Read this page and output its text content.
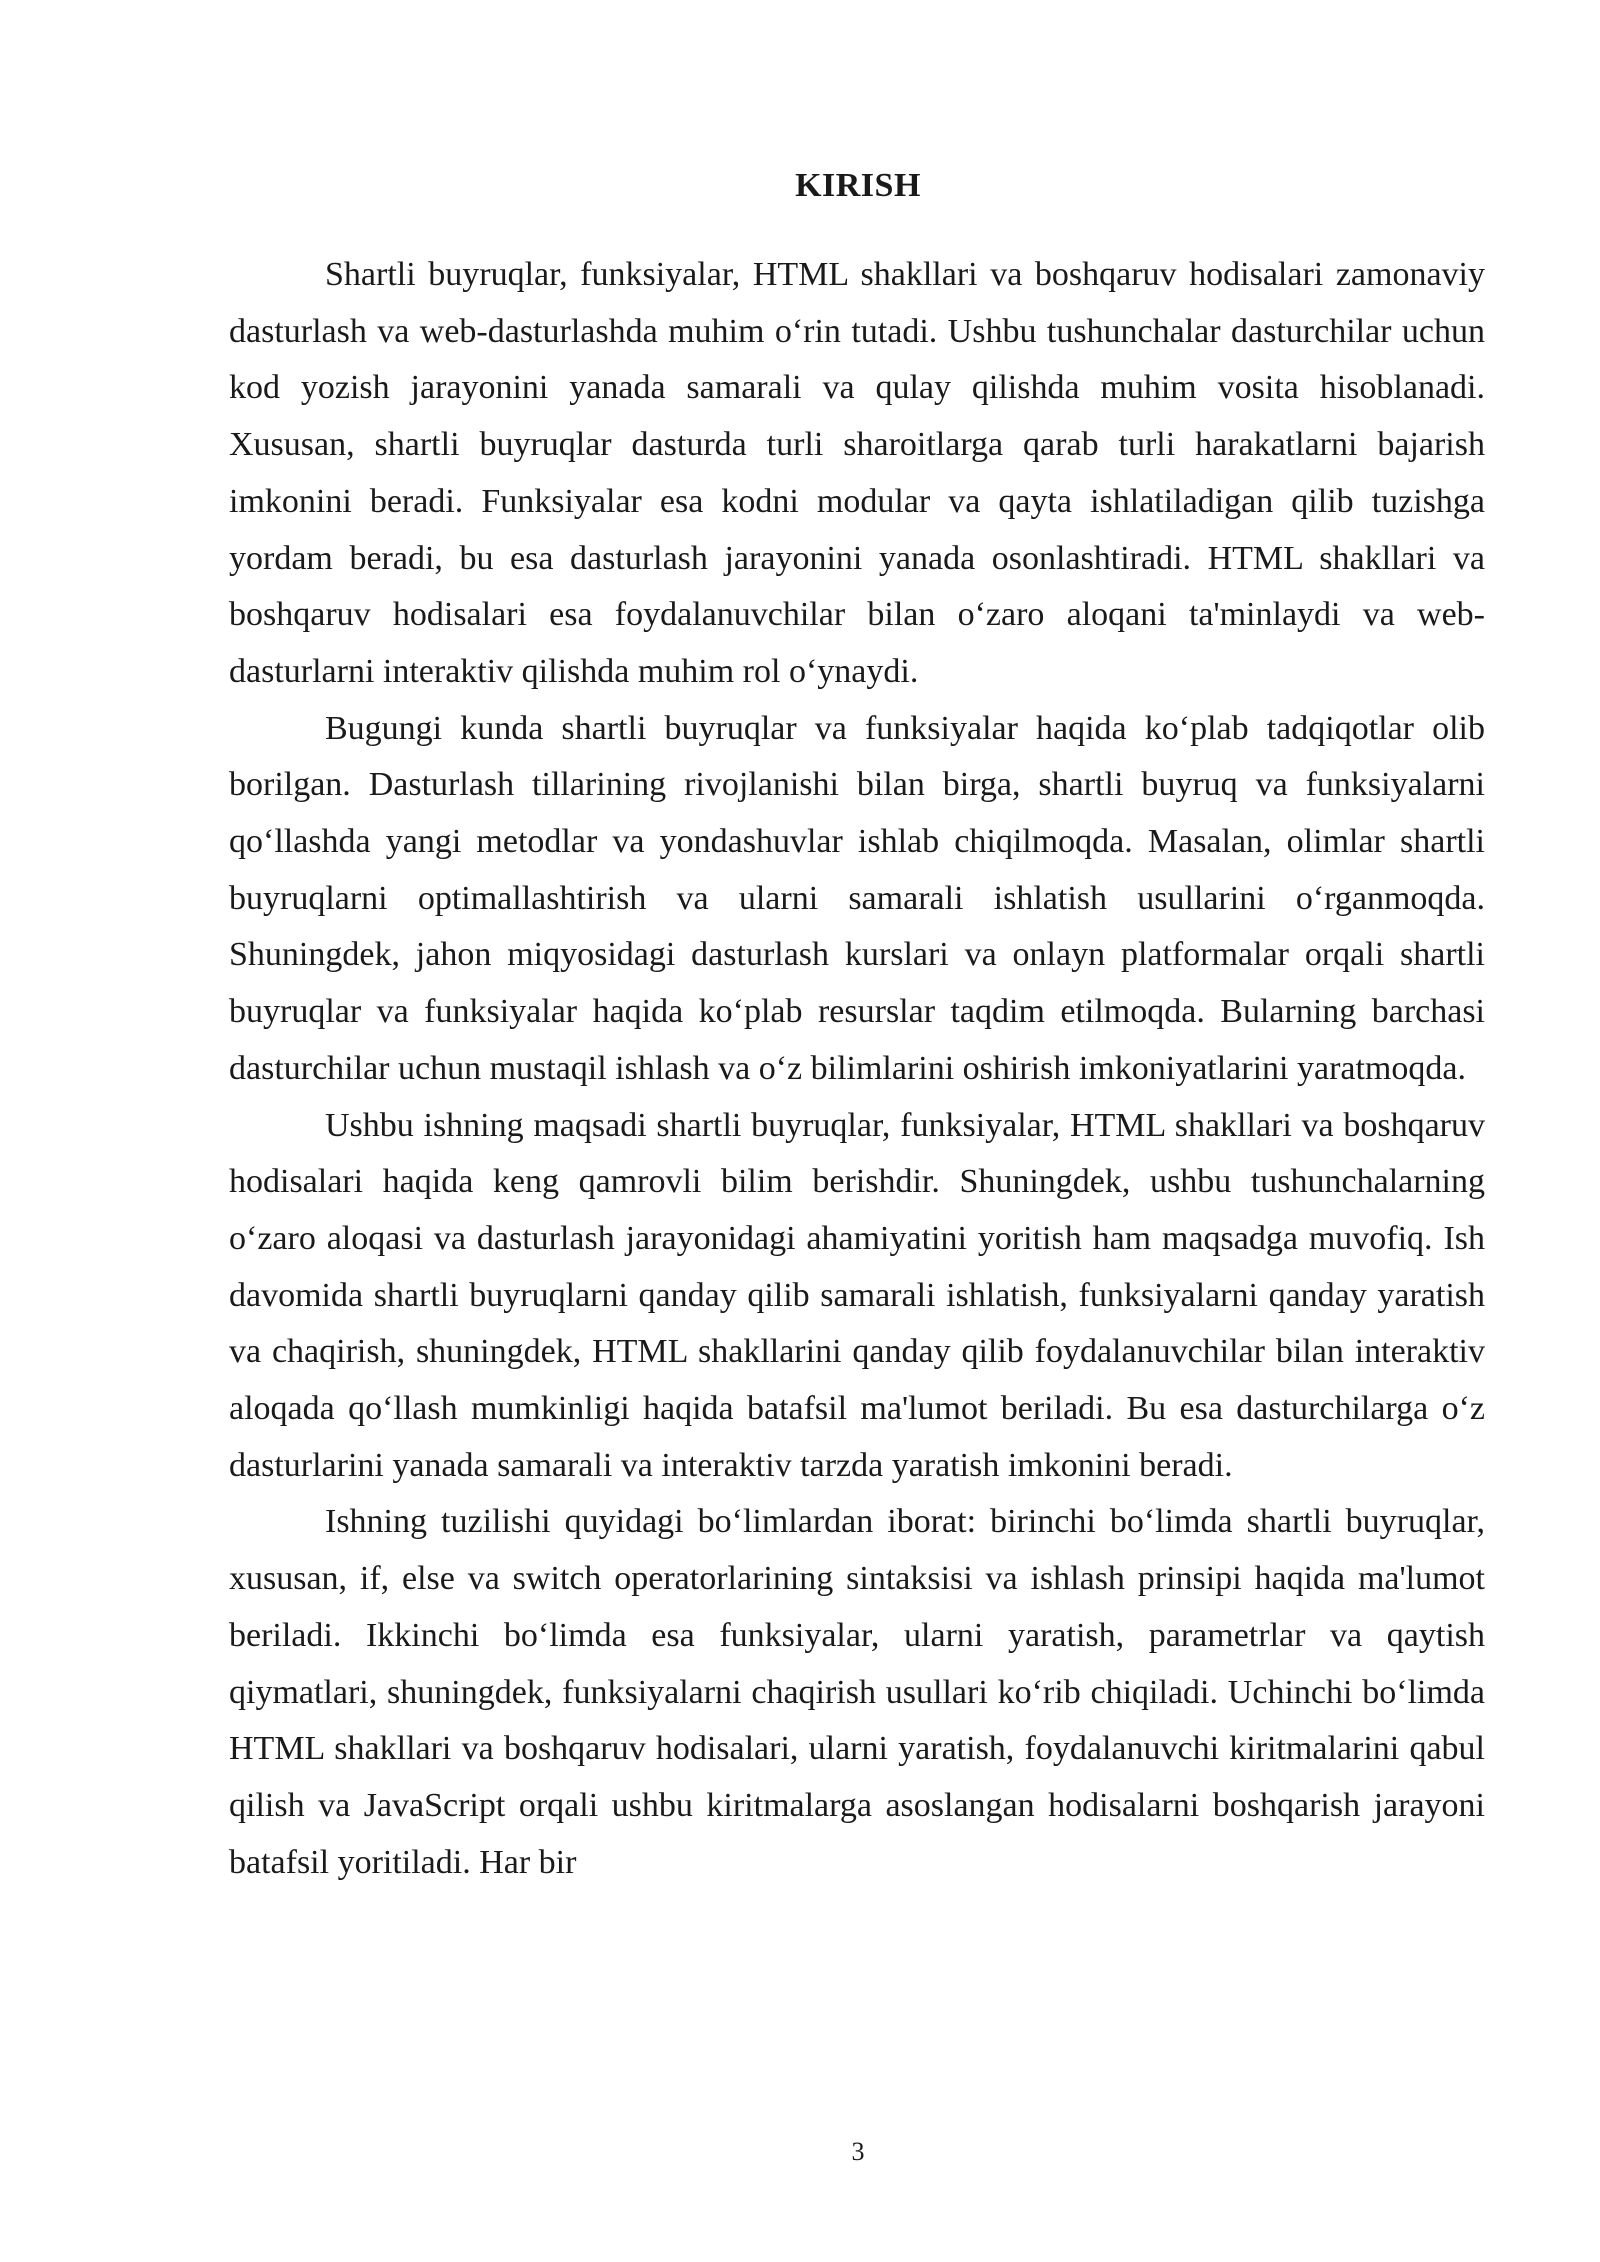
KIRISH

Shartli buyruqlar, funksiyalar, HTML shakllari va boshqaruv hodisalari zamonaviy dasturlash va web-dasturlashda muhim o‘rin tutadi. Ushbu tushunchalar dasturchilar uchun kod yozish jarayonini yanada samarali va qulay qilishda muhim vosita hisoblanadi. Xususan, shartli buyruqlar dasturda turli sharoitlarga qarab turli harakatlarni bajarish imkonini beradi. Funksiyalar esa kodni modular va qayta ishlatiladigan qilib tuzishga yordam beradi, bu esa dasturlash jarayonini yanada osonlashtiradi. HTML shakllari va boshqaruv hodisalari esa foydalanuvchilar bilan o‘zaro aloqani ta'minlaydi va web-dasturlarni interaktiv qilishda muhim rol o‘ynaydi.

Bugungi kunda shartli buyruqlar va funksiyalar haqida ko‘plab tadqiqotlar olib borilgan. Dasturlash tillarining rivojlanishi bilan birga, shartli buyruq va funksiyalarni qo‘llashda yangi metodlar va yondashuvlar ishlab chiqilmoqda. Masalan, olimlar shartli buyruqlarni optimallashtirish va ularni samarali ishlatish usullarini o‘rganmoqda. Shuningdek, jahon miqyosidagi dasturlash kurslari va onlayn platformalar orqali shartli buyruqlar va funksiyalar haqida ko‘plab resurslar taqdim etilmoqda. Bularning barchasi dasturchilar uchun mustaqil ishlash va o‘z bilimlarini oshirish imkoniyatlarini yaratmoqda.

Ushbu ishning maqsadi shartli buyruqlar, funksiyalar, HTML shakllari va boshqaruv hodisalari haqida keng qamrovli bilim berishdir. Shuningdek, ushbu tushunchalarning o‘zaro aloqasi va dasturlash jarayonidagi ahamiyatini yoritish ham maqsadga muvofiq. Ish davomida shartli buyruqlarni qanday qilib samarali ishlatish, funksiyalarni qanday yaratish va chaqirish, shuningdek, HTML shakllarini qanday qilib foydalanuvchilar bilan interaktiv aloqada qo‘llash mumkinligi haqida batafsil ma'lumot beriladi. Bu esa dasturchilarga o‘z dasturlarini yanada samarali va interaktiv tarzda yaratish imkonini beradi.

Ishning tuzilishi quyidagi bo‘limlardan iborat: birinchi bo‘limda shartli buyruqlar, xususan, if, else va switch operatorlarining sintaksisi va ishlash prinsipi haqida ma'lumot beriladi. Ikkinchi bo‘limda esa funksiyalar, ularni yaratish, parametrlar va qaytish qiymatlari, shuningdek, funksiyalarni chaqirish usullari ko‘rib chiqiladi. Uchinchi bo‘limda HTML shakllari va boshqaruv hodisalari, ularni yaratish, foydalanuvchi kiritmalarini qabul qilish va JavaScript orqali ushbu kiritmalarga asoslangan hodisalarni boshqarish jarayoni batafsil yoritiladi. Har bir

3
